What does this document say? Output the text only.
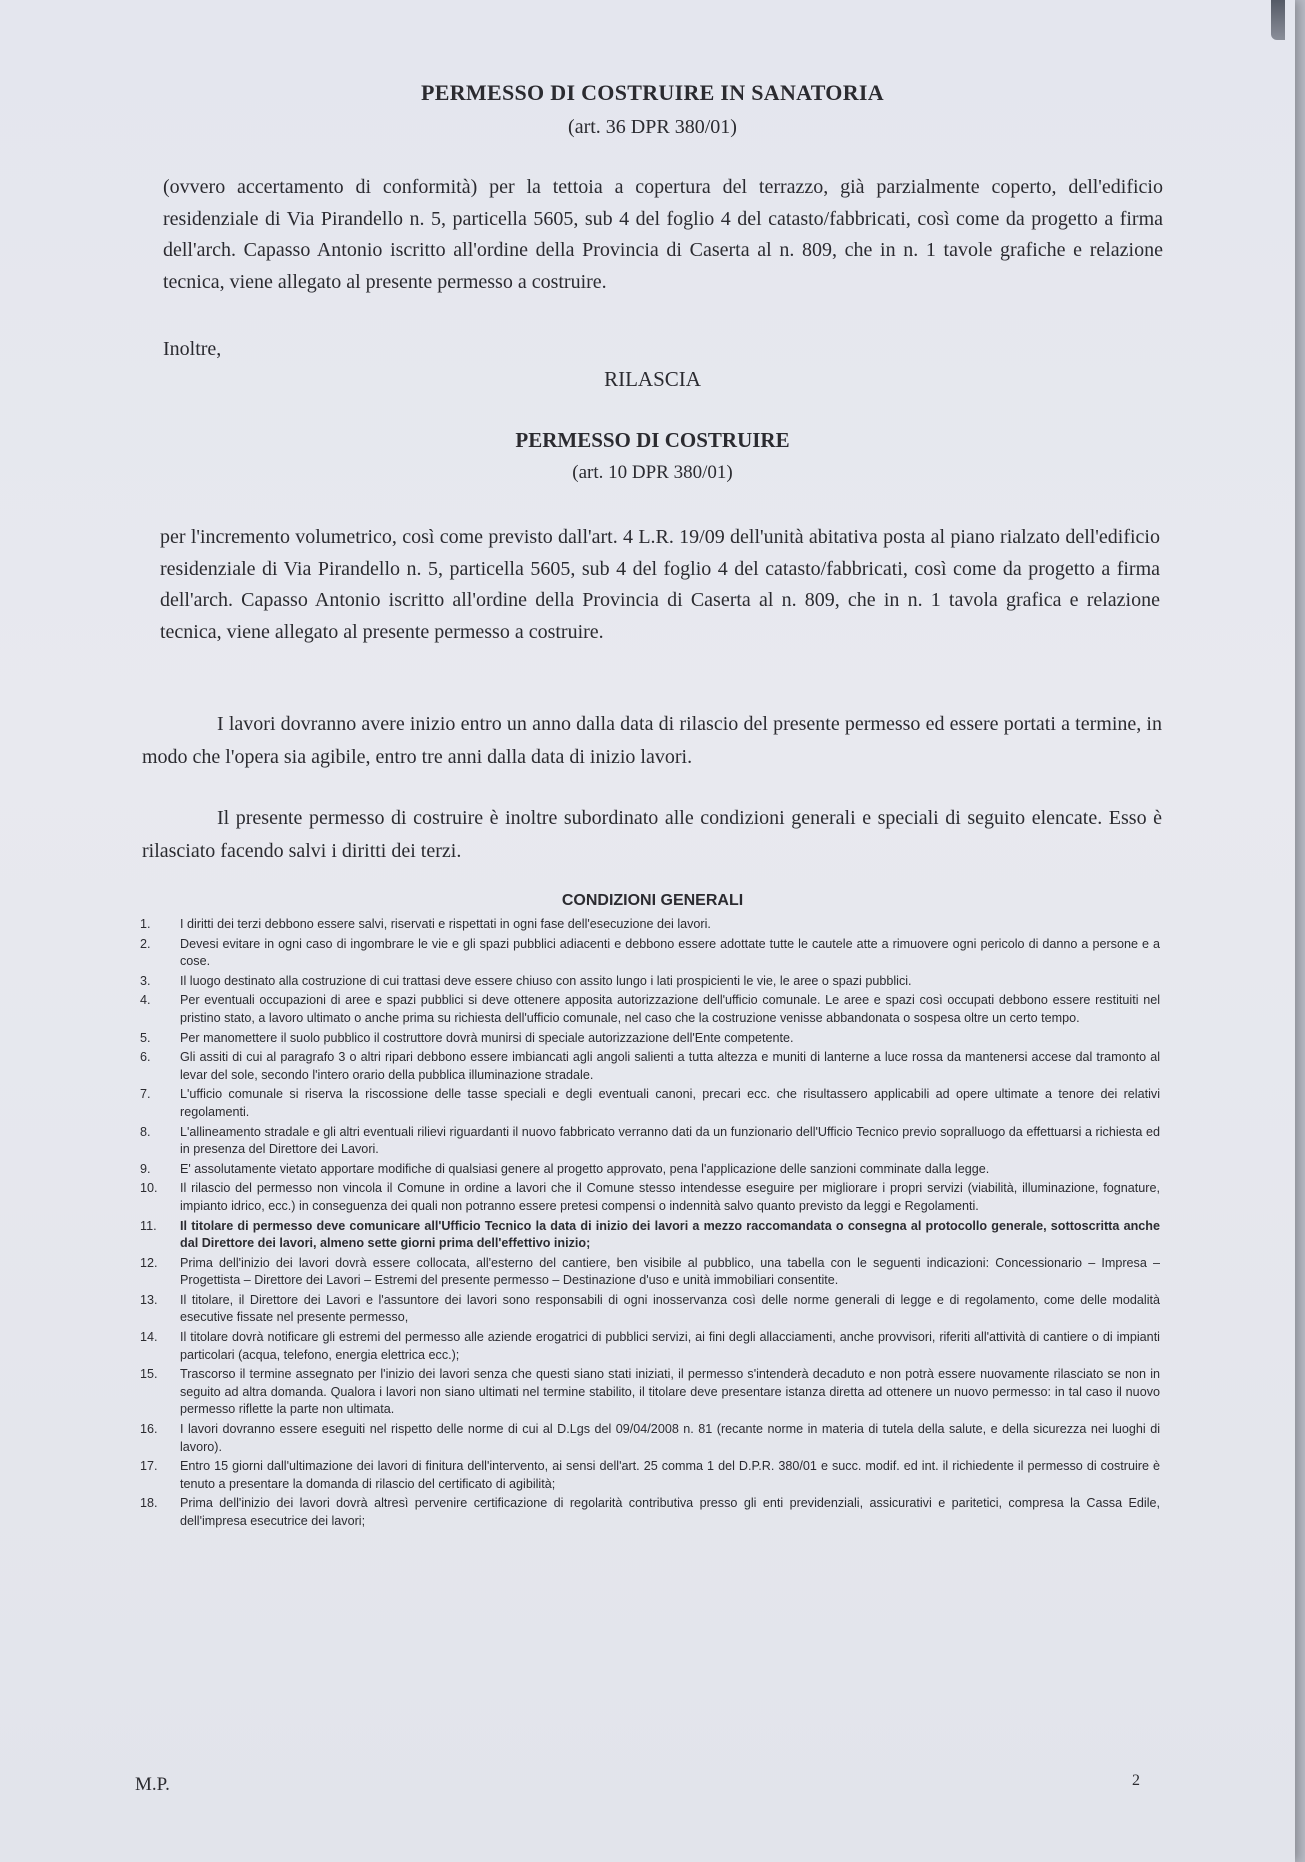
PERMESSO DI COSTRUIRE IN SANATORIA
(art. 36 DPR 380/01)
(ovvero accertamento di conformità) per la tettoia a copertura del terrazzo, già parzialmente coperto, dell'edificio residenziale di Via Pirandello n. 5, particella 5605, sub 4 del foglio 4 del catasto/fabbricati, così come da progetto a firma dell'arch. Capasso Antonio iscritto all'ordine della Provincia di Caserta al n. 809, che in n. 1 tavole grafiche e relazione tecnica, viene allegato al presente permesso a costruire.
Inoltre,
RILASCIA
PERMESSO DI COSTRUIRE
(art. 10 DPR 380/01)
per l'incremento volumetrico, così come previsto dall'art. 4 L.R. 19/09 dell'unità abitativa posta al piano rialzato dell'edificio residenziale di Via Pirandello n. 5, particella 5605, sub 4 del foglio 4 del catasto/fabbricati, così come da progetto a firma dell'arch. Capasso Antonio iscritto all'ordine della Provincia di Caserta al n. 809, che in n. 1 tavola grafica e relazione tecnica, viene allegato al presente permesso a costruire.
I lavori dovranno avere inizio entro un anno dalla data di rilascio del presente permesso ed essere portati a termine, in modo che l'opera sia agibile, entro tre anni dalla data di inizio lavori.
Il presente permesso di costruire è inoltre subordinato alle condizioni generali e speciali di seguito elencate. Esso è rilasciato facendo salvi i diritti dei terzi.
CONDIZIONI GENERALI
1. I diritti dei terzi debbono essere salvi, riservati e rispettati in ogni fase dell'esecuzione dei lavori.
2. Devesi evitare in ogni caso di ingombrare le vie e gli spazi pubblici adiacenti e debbono essere adottate tutte le cautele atte a rimuovere ogni pericolo di danno a persone e a cose.
3. Il luogo destinato alla costruzione di cui trattasi deve essere chiuso con assito lungo i lati prospicienti le vie, le aree o spazi pubblici.
4. Per eventuali occupazioni di aree e spazi pubblici si deve ottenere apposita autorizzazione dell'ufficio comunale. Le aree e spazi così occupati debbono essere restituiti nel pristino stato, a lavoro ultimato o anche prima su richiesta dell'ufficio comunale, nel caso che la costruzione venisse abbandonata o sospesa oltre un certo tempo.
5. Per manomettere il suolo pubblico il costruttore dovrà munirsi di speciale autorizzazione dell'Ente competente.
6. Gli assiti di cui al paragrafo 3 o altri ripari debbono essere imbiancati agli angoli salienti a tutta altezza e muniti di lanterne a luce rossa da mantenersi accese dal tramonto al levar del sole, secondo l'intero orario della pubblica illuminazione stradale.
7. L'ufficio comunale si riserva la riscossione delle tasse speciali e degli eventuali canoni, precari ecc. che risultassero applicabili ad opere ultimate a tenore dei relativi regolamenti.
8. L'allineamento stradale e gli altri eventuali rilievi riguardanti il nuovo fabbricato verranno dati da un funzionario dell'Ufficio Tecnico previo sopralluogo da effettuarsi a richiesta ed in presenza del Direttore dei Lavori.
9. E' assolutamente vietato apportare modifiche di qualsiasi genere al progetto approvato, pena l'applicazione delle sanzioni comminate dalla legge.
10. Il rilascio del permesso non vincola il Comune in ordine a lavori che il Comune stesso intendesse eseguire per migliorare i propri servizi (viabilità, illuminazione, fognature, impianto idrico, ecc.) in conseguenza dei quali non potranno essere pretesi compensi o indennità salvo quanto previsto da leggi e Regolamenti.
11. Il titolare di permesso deve comunicare all'Ufficio Tecnico la data di inizio dei lavori a mezzo raccomandata o consegna al protocollo generale, sottoscritta anche dal Direttore dei lavori, almeno sette giorni prima dell'effettivo inizio;
12. Prima dell'inizio dei lavori dovrà essere collocata, all'esterno del cantiere, ben visibile al pubblico, una tabella con le seguenti indicazioni: Concessionario – Impresa – Progettista – Direttore dei Lavori – Estremi del presente permesso – Destinazione d'uso e unità immobiliari consentite.
13. Il titolare, il Direttore dei Lavori e l'assuntore dei lavori sono responsabili di ogni inosservanza così delle norme generali di legge e di regolamento, come delle modalità esecutive fissate nel presente permesso,
14. Il titolare dovrà notificare gli estremi del permesso alle aziende erogatrici di pubblici servizi, ai fini degli allacciamenti, anche provvisori, riferiti all'attività di cantiere o di impianti particolari (acqua, telefono, energia elettrica ecc.);
15. Trascorso il termine assegnato per l'inizio dei lavori senza che questi siano stati iniziati, il permesso s'intenderà decaduto e non potrà essere nuovamente rilasciato se non in seguito ad altra domanda. Qualora i lavori non siano ultimati nel termine stabilito, il titolare deve presentare istanza diretta ad ottenere un nuovo permesso: in tal caso il nuovo permesso riflette la parte non ultimata.
16. I lavori dovranno essere eseguiti nel rispetto delle norme di cui al D.Lgs del 09/04/2008 n. 81 (recante norme in materia di tutela della salute, e della sicurezza nei luoghi di lavoro).
17. Entro 15 giorni dall'ultimazione dei lavori di finitura dell'intervento, ai sensi dell'art. 25 comma 1 del D.P.R. 380/01 e succ. modif. ed int. il richiedente il permesso di costruire è tenuto a presentare la domanda di rilascio del certificato di agibilità;
18. Prima dell'inizio dei lavori dovrà altresì pervenire certificazione di regolarità contributiva presso gli enti previdenziali, assicurativi e paritetici, compresa la Cassa Edile, dell'impresa esecutrice dei lavori;
M.P.	2
